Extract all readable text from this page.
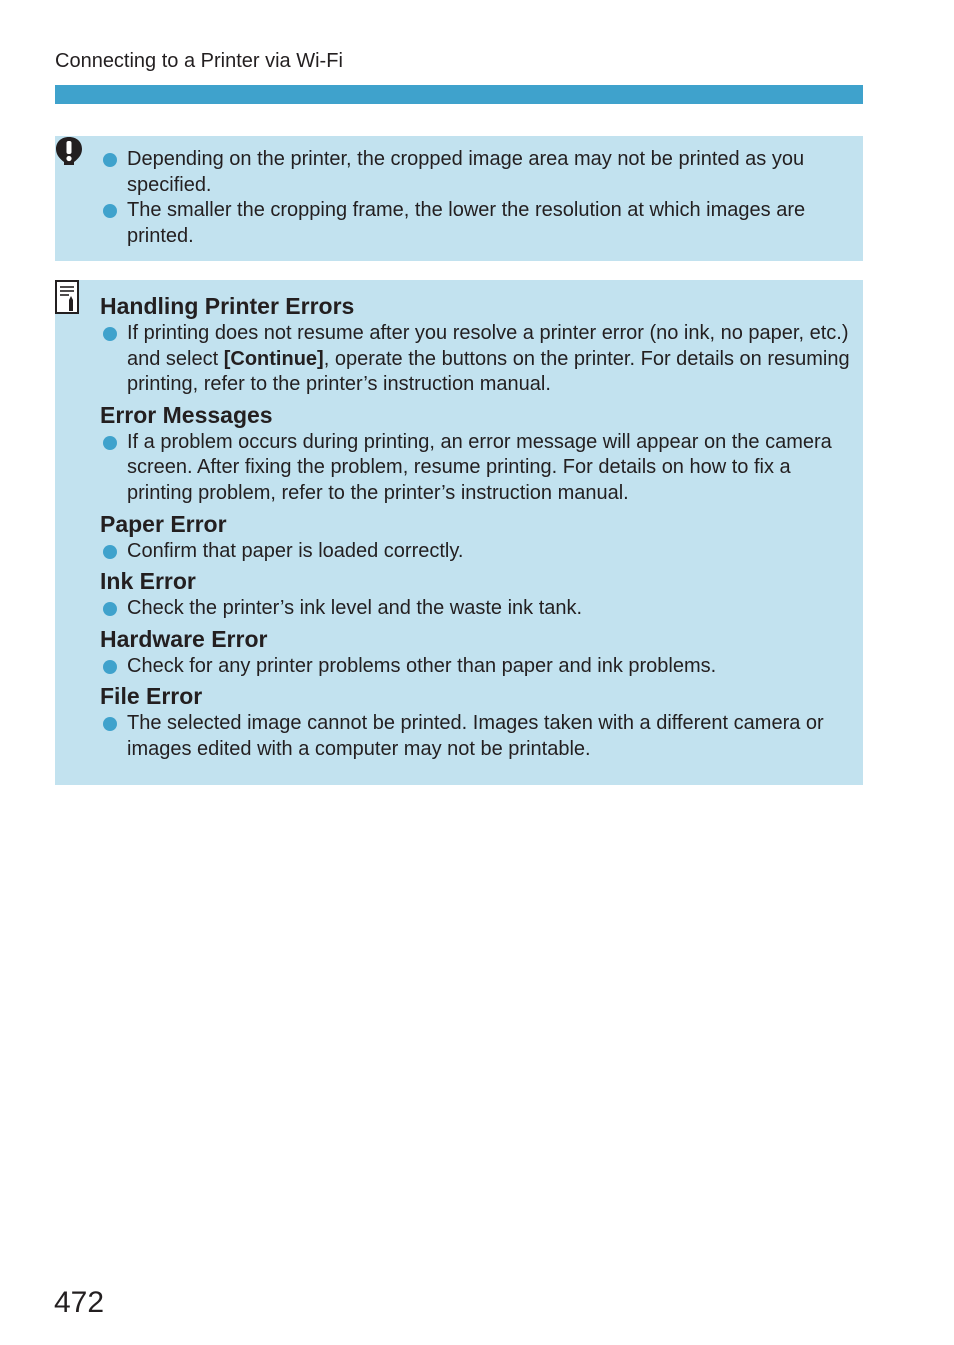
Connecting to a Printer via Wi-Fi
Depending on the printer, the cropped image area may not be printed as you specified.
The smaller the cropping frame, the lower the resolution at which images are printed.
Handling Printer Errors
If printing does not resume after you resolve a printer error (no ink, no paper, etc.) and select [Continue], operate the buttons on the printer. For details on resuming printing, refer to the printer’s instruction manual.
Error Messages
If a problem occurs during printing, an error message will appear on the camera screen. After fixing the problem, resume printing. For details on how to fix a printing problem, refer to the printer’s instruction manual.
Paper Error
Confirm that paper is loaded correctly.
Ink Error
Check the printer’s ink level and the waste ink tank.
Hardware Error
Check for any printer problems other than paper and ink problems.
File Error
The selected image cannot be printed. Images taken with a different camera or images edited with a computer may not be printable.
472
